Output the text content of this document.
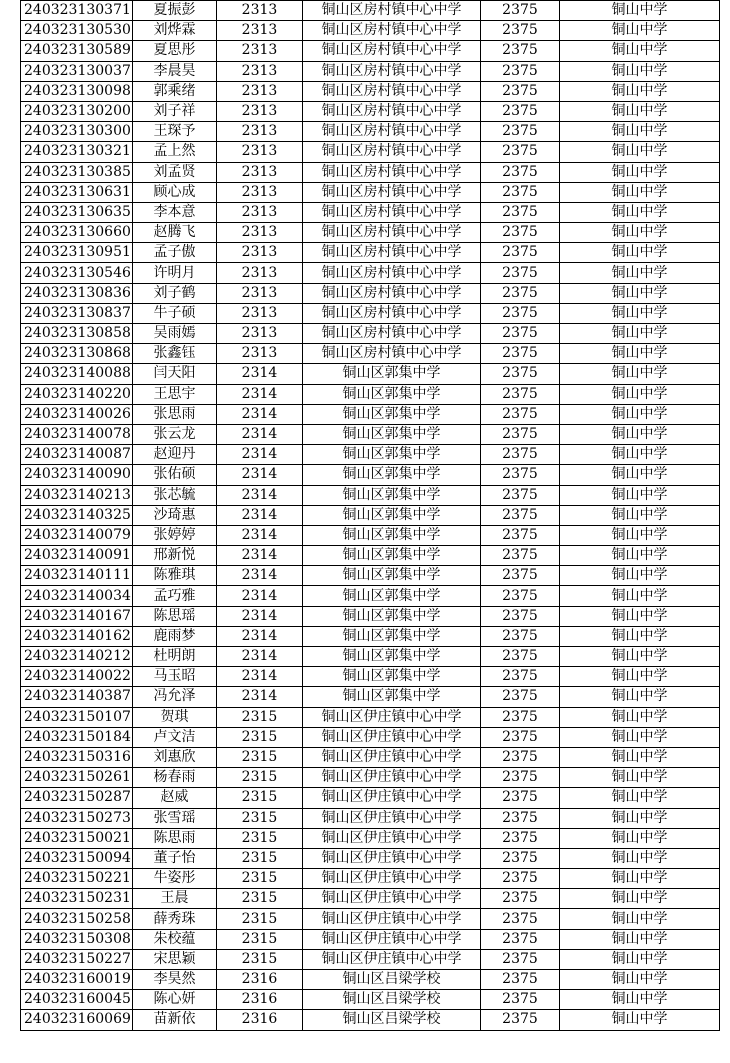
240323130371	夏振彭	2313	铜山区房村镇中心中学	2375	铜山中学
240323130530	刘烨霖	2313	铜山区房村镇中心中学	2375	铜山中学
240323130589	夏思彤	2313	铜山区房村镇中心中学	2375	铜山中学
240323130037	李晨昊	2313	铜山区房村镇中心中学	2375	铜山中学
240323130098	郭乘绪	2313	铜山区房村镇中心中学	2375	铜山中学
240323130200	刘子祥	2313	铜山区房村镇中心中学	2375	铜山中学
240323130300	王琛予	2313	铜山区房村镇中心中学	2375	铜山中学
240323130321	孟上然	2313	铜山区房村镇中心中学	2375	铜山中学
240323130385	刘孟贤	2313	铜山区房村镇中心中学	2375	铜山中学
240323130631	顾心成	2313	铜山区房村镇中心中学	2375	铜山中学
240323130635	李本意	2313	铜山区房村镇中心中学	2375	铜山中学
240323130660	赵腾飞	2313	铜山区房村镇中心中学	2375	铜山中学
240323130951	孟子傲	2313	铜山区房村镇中心中学	2375	铜山中学
240323130546	许明月	2313	铜山区房村镇中心中学	2375	铜山中学
240323130836	刘子鹤	2313	铜山区房村镇中心中学	2375	铜山中学
240323130837	牛子硕	2313	铜山区房村镇中心中学	2375	铜山中学
240323130858	吴雨嫣	2313	铜山区房村镇中心中学	2375	铜山中学
240323130868	张鑫钰	2313	铜山区房村镇中心中学	2375	铜山中学
240323140088	闫天阳	2314	铜山区郭集中学	2375	铜山中学
240323140220	王思宇	2314	铜山区郭集中学	2375	铜山中学
240323140026	张思雨	2314	铜山区郭集中学	2375	铜山中学
240323140078	张云龙	2314	铜山区郭集中学	2375	铜山中学
240323140087	赵迎丹	2314	铜山区郭集中学	2375	铜山中学
240323140090	张佑硕	2314	铜山区郭集中学	2375	铜山中学
240323140213	张芯毓	2314	铜山区郭集中学	2375	铜山中学
240323140325	沙琦惠	2314	铜山区郭集中学	2375	铜山中学
240323140079	张婷婷	2314	铜山区郭集中学	2375	铜山中学
240323140091	邢新悦	2314	铜山区郭集中学	2375	铜山中学
240323140111	陈雅琪	2314	铜山区郭集中学	2375	铜山中学
240323140034	孟巧雅	2314	铜山区郭集中学	2375	铜山中学
240323140167	陈思瑶	2314	铜山区郭集中学	2375	铜山中学
240323140162	鹿雨梦	2314	铜山区郭集中学	2375	铜山中学
240323140212	杜明朗	2314	铜山区郭集中学	2375	铜山中学
240323140022	马玉昭	2314	铜山区郭集中学	2375	铜山中学
240323140387	冯允泽	2314	铜山区郭集中学	2375	铜山中学
240323150107	贺琪	2315	铜山区伊庄镇中心中学	2375	铜山中学
240323150184	卢文洁	2315	铜山区伊庄镇中心中学	2375	铜山中学
240323150316	刘惠欣	2315	铜山区伊庄镇中心中学	2375	铜山中学
240323150261	杨春雨	2315	铜山区伊庄镇中心中学	2375	铜山中学
240323150287	赵威	2315	铜山区伊庄镇中心中学	2375	铜山中学
240323150273	张雪瑶	2315	铜山区伊庄镇中心中学	2375	铜山中学
240323150021	陈思雨	2315	铜山区伊庄镇中心中学	2375	铜山中学
240323150094	董子怡	2315	铜山区伊庄镇中心中学	2375	铜山中学
240323150221	牛姿彤	2315	铜山区伊庄镇中心中学	2375	铜山中学
240323150231	王晨	2315	铜山区伊庄镇中心中学	2375	铜山中学
240323150258	薛秀珠	2315	铜山区伊庄镇中心中学	2375	铜山中学
240323150308	朱校蕴	2315	铜山区伊庄镇中心中学	2375	铜山中学
240323150227	宋思颖	2315	铜山区伊庄镇中心中学	2375	铜山中学
240323160019	李昊然	2316	铜山区吕梁学校	2375	铜山中学
240323160045	陈心妍	2316	铜山区吕梁学校	2375	铜山中学
240323160069	苗新依	2316	铜山区吕梁学校	2375	铜山中学
